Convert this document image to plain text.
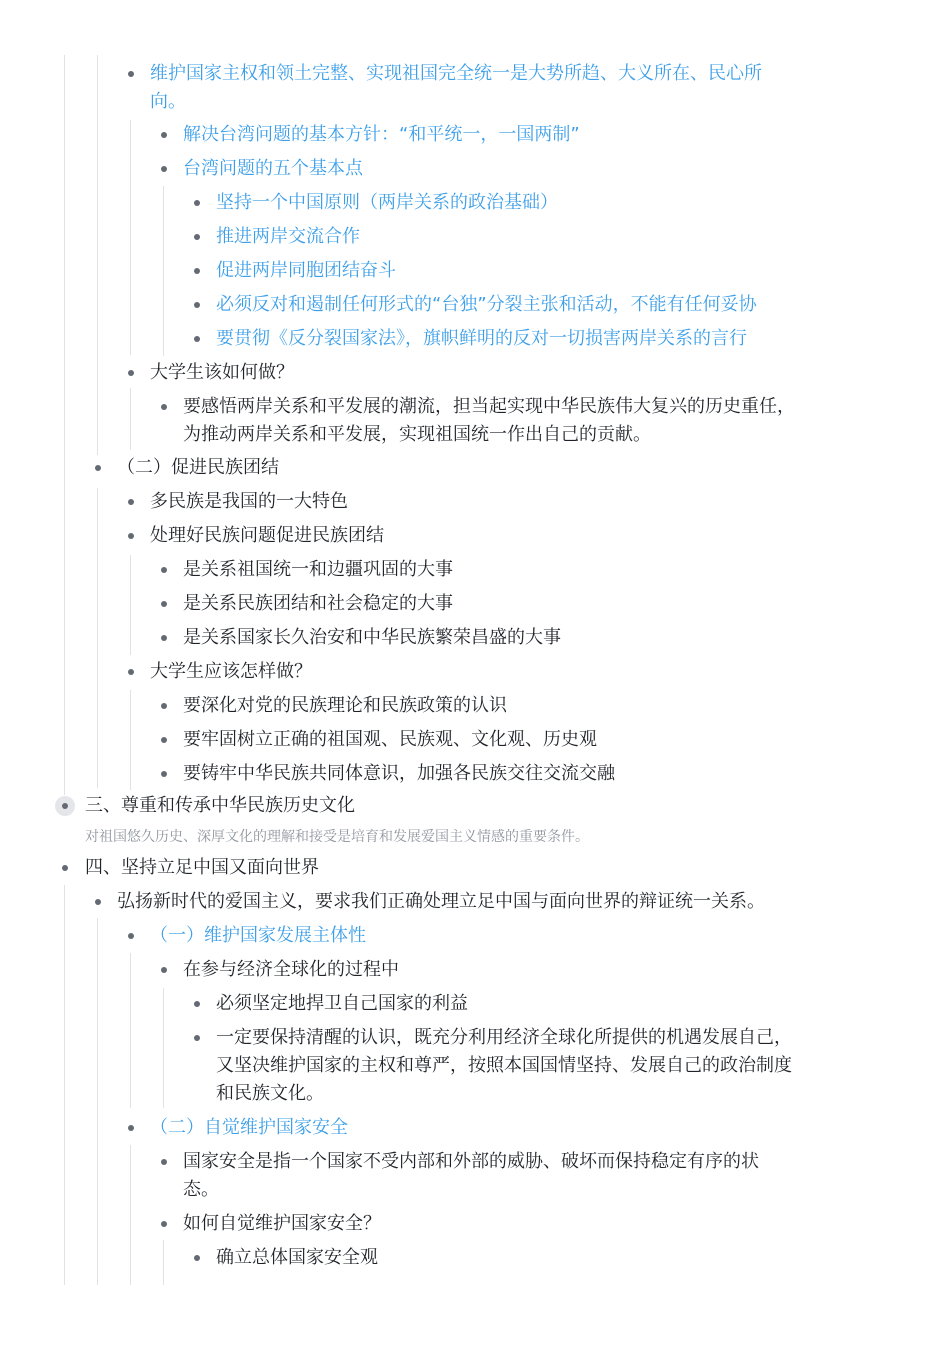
维护国家主权和领土完整、实现祖国完全统一是大势所趋、大义所在、民心所向。
解决台湾问题的基本方针：“和平统一，一国两制”
台湾问题的五个基本点
坚持一个中国原则（两岸关系的政治基础）
推进两岸交流合作
促进两岸同胞团结奋斗
必须反对和遏制任何形式的“台独”分裂主张和活动，不能有任何妥协
要贯彻《反分裂国家法》，旗帜鲜明的反对一切损害两岸关系的言行
大学生该如何做？
要感悟两岸关系和平发展的潮流，担当起实现中华民族伟大复兴的历史重任，为推动两岸关系和平发展，实现祖国统一作出自己的贡献。
（二）促进民族团结
多民族是我国的一大特色
处理好民族问题促进民族团结
是关系祖国统一和边疆巩固的大事
是关系民族团结和社会稳定的大事
是关系国家长久治安和中华民族繁荣昌盛的大事
大学生应该怎样做？
要深化对党的民族理论和民族政策的认识
要牢固树立正确的祖国观、民族观、文化观、历史观
要铸牢中华民族共同体意识，加强各民族交往交流交融
三、尊重和传承中华民族历史文化
对祖国悠久历史、深厚文化的理解和接受是培育和发展爱国主义情感的重要条件。
四、坚持立足中国又面向世界
弘扬新时代的爱国主义，要求我们正确处理立足中国与面向世界的辩证统一关系。
（一）维护国家发展主体性
在参与经济全球化的过程中
必须坚定地捍卫自己国家的利益
一定要保持清醒的认识，既充分利用经济全球化所提供的机遇发展自己，又坚决维护国家的主权和尊严，按照本国国情坚持、发展自己的政治制度和民族文化。
（二）自觉维护国家安全
国家安全是指一个国家不受内部和外部的威胁、破坏而保持稳定有序的状态。
如何自觉维护国家安全？
确立总体国家安全观
